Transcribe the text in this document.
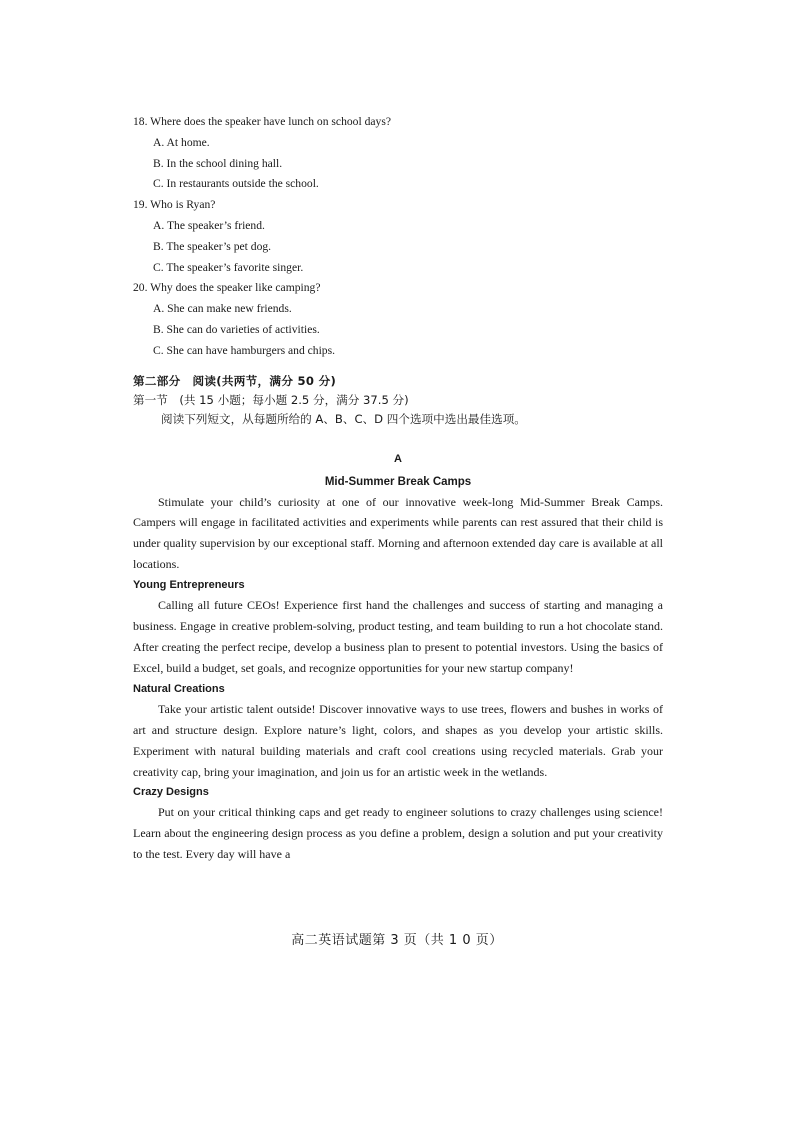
18. Where does the speaker have lunch on school days?
A. At home.
B. In the school dining hall.
C. In restaurants outside the school.
19. Who is Ryan?
A. The speaker’s friend.
B. The speaker’s pet dog.
C. The speaker’s favorite singer.
20. Why does the speaker like camping?
A. She can make new friends.
B. She can do varieties of activities.
C. She can have hamburgers and chips.
第二部分　阅读(共两节，满分 50 分)
第一节　(共 15 小题；每小题 2.5 分，满分 37.5 分)
阅读下列短文，从每题所给的 A、B、C、D 四个选项中选出最佳选项。
A
Mid-Summer Break Camps

Stimulate your child’s curiosity at one of our innovative week-long Mid-Summer Break Camps. Campers will engage in facilitated activities and experiments while parents can rest assured that their child is under quality supervision by our exceptional staff. Morning and afternoon extended day care is available at all locations.

Young Entrepreneurs

Calling all future CEOs! Experience first hand the challenges and success of starting and managing a business. Engage in creative problem-solving, product testing, and team building to run a hot chocolate stand. After creating the perfect recipe, develop a business plan to present to potential investors. Using the basics of Excel, build a budget, set goals, and recognize opportunities for your new startup company!

Natural Creations

Take your artistic talent outside! Discover innovative ways to use trees, flowers and bushes in works of art and structure design. Explore nature’s light, colors, and shapes as you develop your artistic skills. Experiment with natural building materials and craft cool creations using recycled materials. Grab your creativity cap, bring your imagination, and join us for an artistic week in the wetlands.

Crazy Designs

Put on your critical thinking caps and get ready to engineer solutions to crazy challenges using science! Learn about the engineering design process as you define a problem, design a solution and put your creativity to the test. Every day will have a

高二英语试题第 3 页（共 1 0 页）
